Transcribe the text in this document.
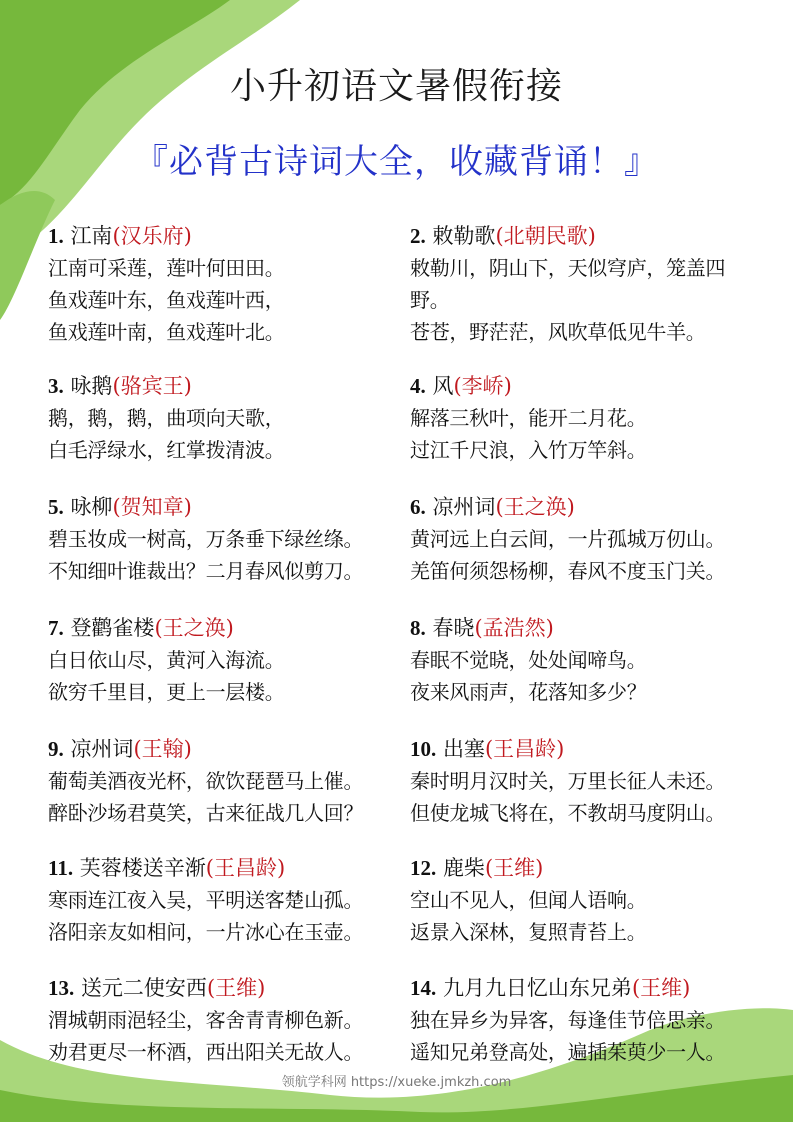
小升初语文暑假衔接
『必背古诗词大全，收藏背诵！』
1. 江南(汉乐府)
江南可采莲，莲叶何田田。
鱼戏莲叶东，鱼戏莲叶西，
鱼戏莲叶南，鱼戏莲叶北。
2. 敕勒歌(北朝民歌)
敕勒川，阴山下，天似穹庐，笼盖四野。
苍苍，野茫茫，风吹草低见牛羊。
3. 咏鹅(骆宾王)
鹅，鹅，鹅，曲项向天歌，
白毛浮绿水，红掌拨清波。
4. 风(李峤)
解落三秋叶，能开二月花。
过江千尺浪，入竹万竿斜。
5. 咏柳(贺知章)
碧玉妆成一树高，万条垂下绿丝绦。
不知细叶谁裁出？二月春风似剪刀。
6. 凉州词(王之涣)
黄河远上白云间，一片孤城万仞山。
羌笛何须怨杨柳，春风不度玉门关。
7. 登鹳雀楼(王之涣)
白日依山尽，黄河入海流。
欲穷千里目，更上一层楼。
8. 春晓(孟浩然)
春眠不觉晓，处处闻啼鸟。
夜来风雨声，花落知多少？
9. 凉州词(王翰)
葡萄美酒夜光杯，欲饮琵琶马上催。
醉卧沙场君莫笑，古来征战几人回？
10. 出塞(王昌龄)
秦时明月汉时关，万里长征人未还。
但使龙城飞将在，不教胡马度阴山。
11. 芙蓉楼送辛渐(王昌龄)
寒雨连江夜入吴，平明送客楚山孤。
洛阳亲友如相问，一片冰心在玉壶。
12. 鹿柴(王维)
空山不见人，但闻人语响。
返景入深林，复照青苔上。
13. 送元二使安西(王维)
渭城朝雨浥轻尘，客舍青青柳色新。
劝君更尽一杯酒，西出阳关无故人。
14. 九月九日忆山东兄弟(王维)
独在异乡为异客，每逢佳节倍思亲。
遥知兄弟登高处，遍插茱萸少一人。
领航学科网 https://xueke.jmkzh.com
